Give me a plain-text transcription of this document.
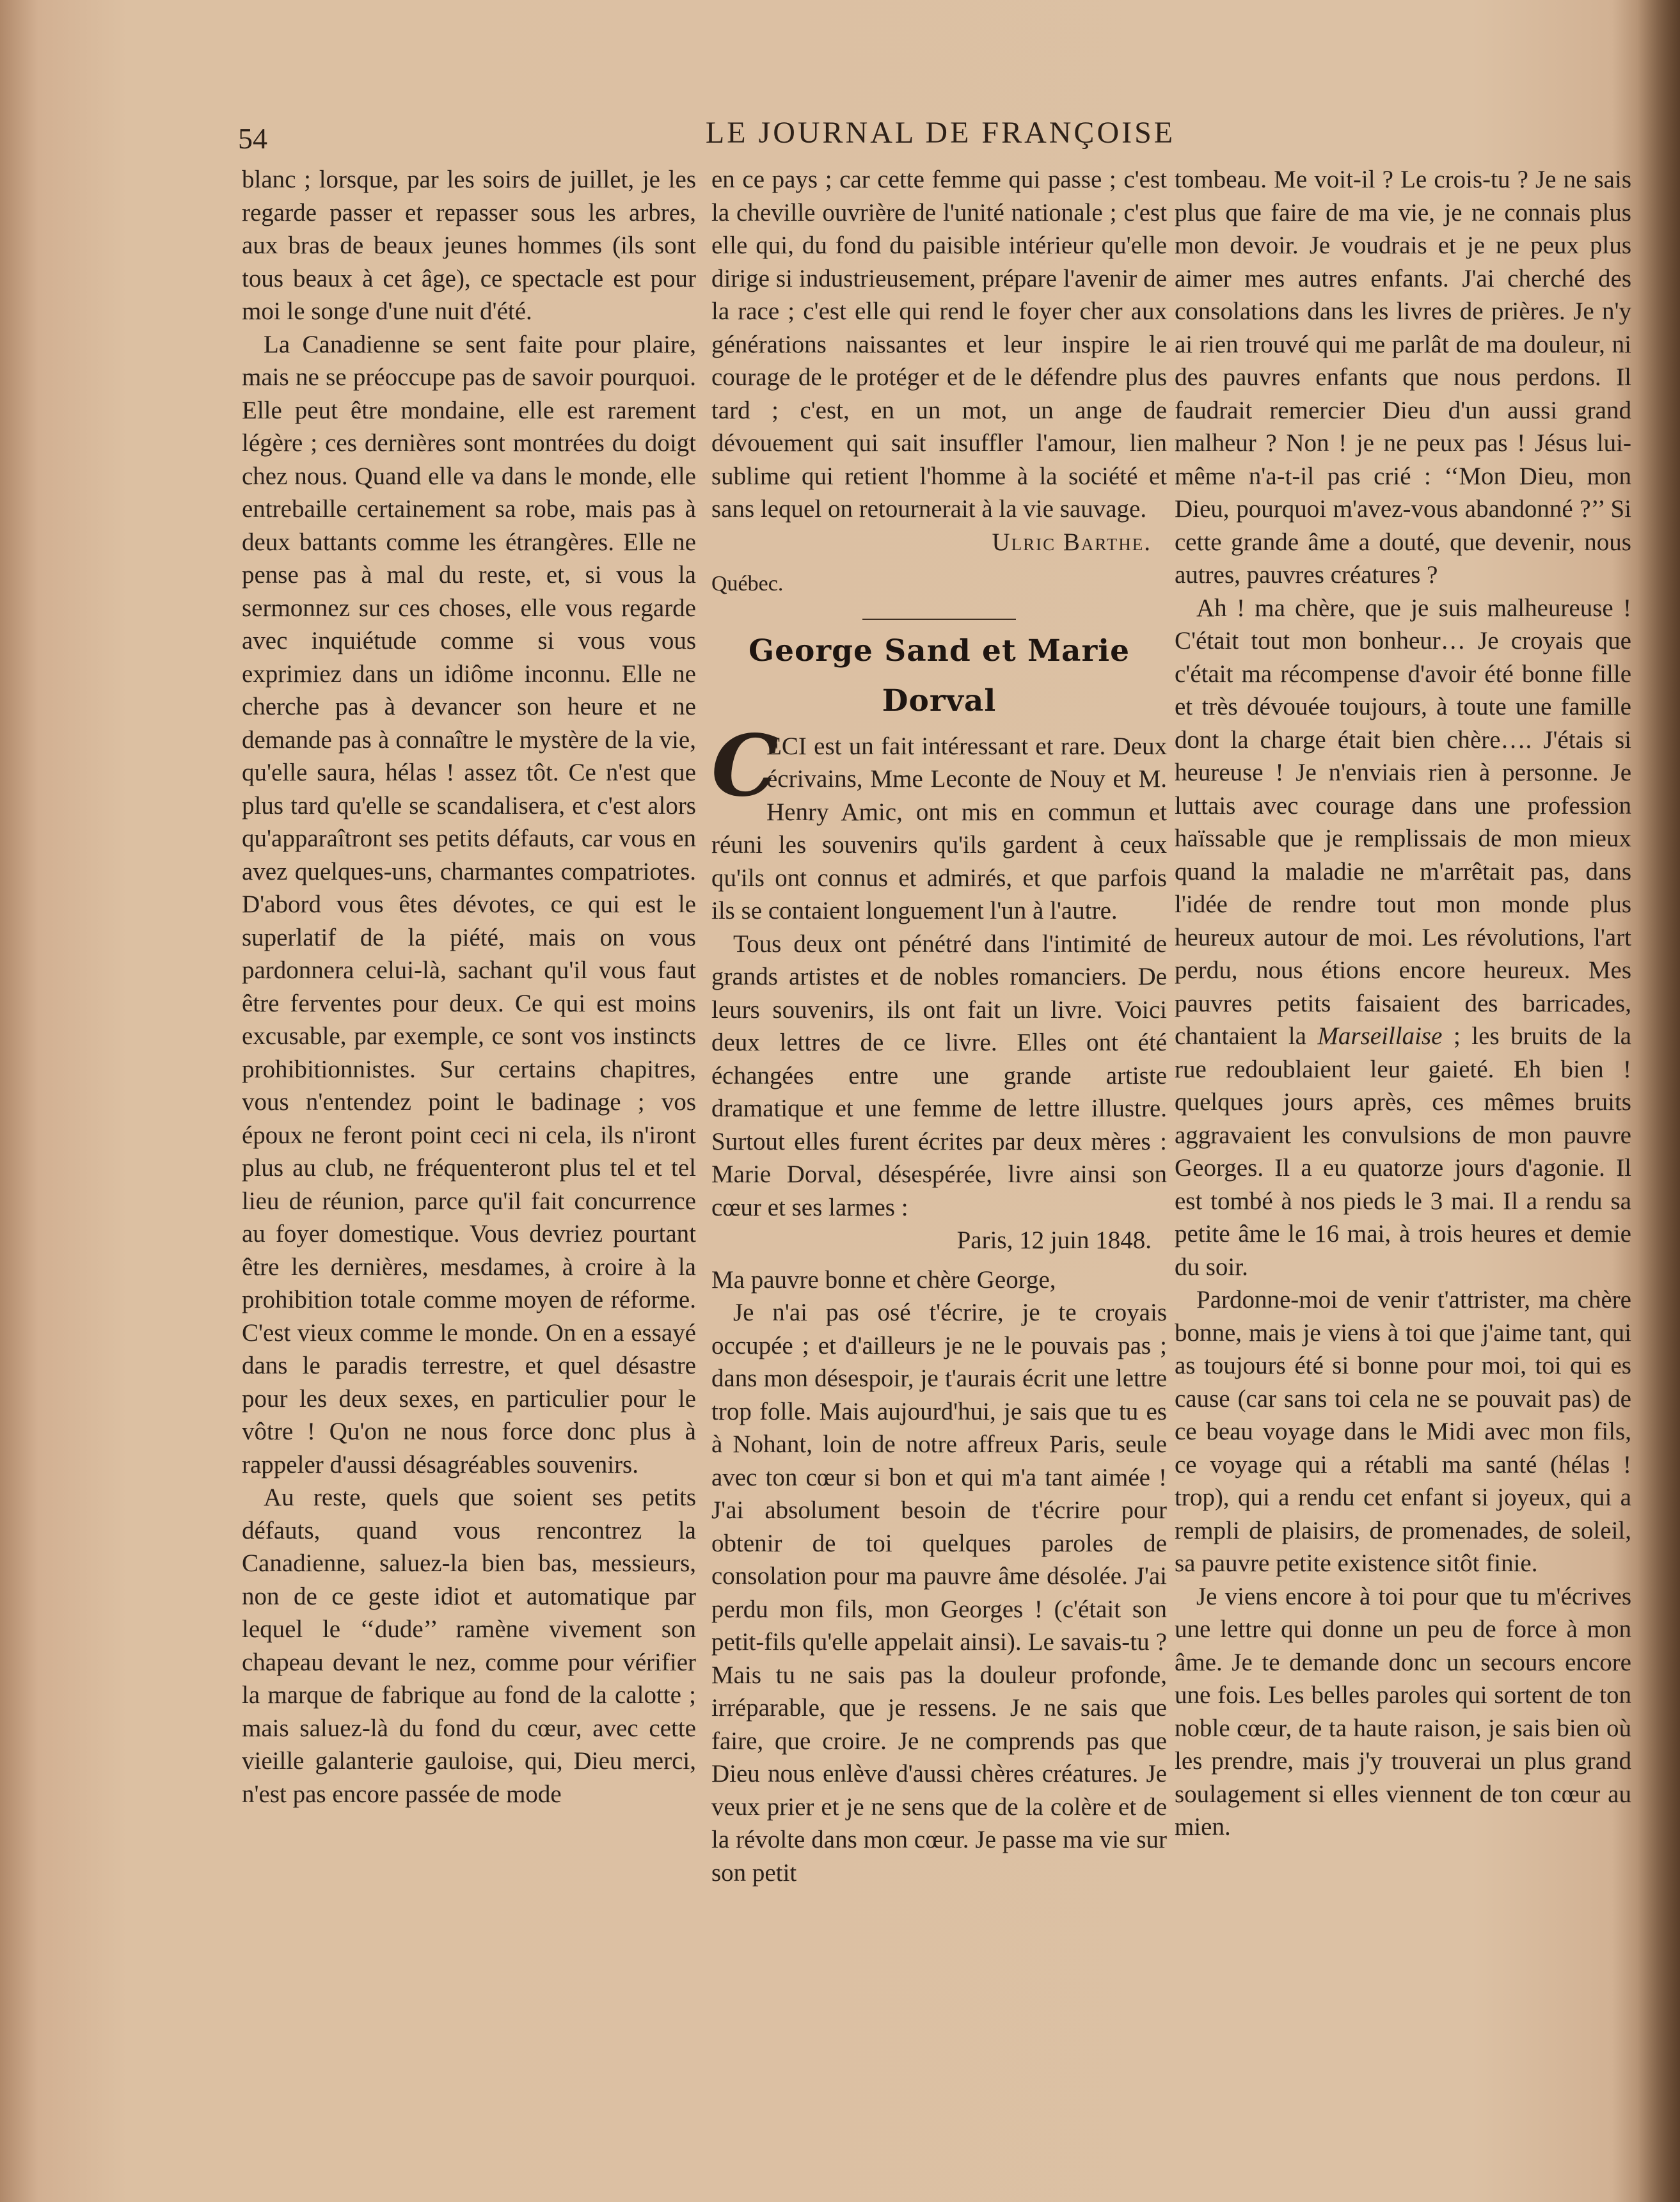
54	LE JOURNAL DE FRANÇOISE

blanc ; lorsque, par les soirs de juillet, je les regarde passer et repasser sous les arbres, aux bras de beaux jeunes hommes (ils sont tous beaux à cet âge), ce spectacle est pour moi le songe d'une nuit d'été.

La Canadienne se sent faite pour plaire, mais ne se préoccupe pas de savoir pourquoi. Elle peut être mondaine, elle est rarement légère ; ces dernières sont montrées du doigt chez nous. Quand elle va dans le monde, elle entrebaille certainement sa robe, mais pas à deux battants comme les étrangères. Elle ne pense pas à mal du reste, et, si vous la sermonnez sur ces choses, elle vous regarde avec inquiétude comme si vous vous exprimiez dans un idiôme inconnu. Elle ne cherche pas à devancer son heure et ne demande pas à connaître le mystère de la vie, qu'elle saura, hélas ! assez tôt. Ce n'est que plus tard qu'elle se scandalisera, et c'est alors qu'apparaîtront ses petits défauts, car vous en avez quelques-uns, charmantes compatriotes. D'abord vous êtes dévotes, ce qui est le superlatif de la piété, mais on vous pardonnera celui-là, sachant qu'il vous faut être ferventes pour deux. Ce qui est moins excusable, par exemple, ce sont vos instincts prohibitionnistes. Sur certains chapitres, vous n'entendez point le badinage ; vos époux ne feront point ceci ni cela, ils n'iront plus au club, ne fréquenteront plus tel et tel lieu de réunion, parce qu'il fait concurrence au foyer domestique. Vous devriez pourtant être les dernières, mesdames, à croire à la prohibition totale comme moyen de réforme. C'est vieux comme le monde. On en a essayé dans le paradis terrestre, et quel désastre pour les deux sexes, en particulier pour le vôtre ! Qu'on ne nous force donc plus à rappeler d'aussi désagréables souvenirs.

Au reste, quels que soient ses petits défauts, quand vous rencontrez la Canadienne, saluez-la bien bas, messieurs, non de ce geste idiot et automatique par lequel le ‘‘dude’’ ramène vivement son chapeau devant le nez, comme pour vérifier la marque de fabrique au fond de la calotte ; mais saluez-là du fond du cœur, avec cette vieille galanterie gauloise, qui, Dieu merci, n'est pas encore passée de mode

en ce pays ; car cette femme qui passe ; c'est la cheville ouvrière de l'unité nationale ; c'est elle qui, du fond du paisible intérieur qu'elle dirige si industrieusement, prépare l'avenir de la race ; c'est elle qui rend le foyer cher aux générations naissantes et leur inspire le courage de le protéger et de le défendre plus tard ; c'est, en un mot, un ange de dévouement qui sait insuffler l'amour, lien sublime qui retient l'homme à la société et sans lequel on retournerait à la vie sauvage.

Ulric Barthe.

Québec.

George Sand et Marie Dorval

C

ECI est un fait intéressant et rare. Deux écrivains, Mme Leconte de Nouy et M. Henry Amic, ont mis en commun et réuni les souvenirs qu'ils gardent à ceux qu'ils ont connus et admirés, et que parfois ils se contaient longuement l'un à l'autre.

Tous deux ont pénétré dans l'intimité de grands artistes et de nobles romanciers. De leurs souvenirs, ils ont fait un livre. Voici deux lettres de ce livre. Elles ont été échangées entre une grande artiste dramatique et une femme de lettre illustre. Surtout elles furent écrites par deux mères : Marie Dorval, désespérée, livre ainsi son cœur et ses larmes :

Paris, 12 juin 1848.

Ma pauvre bonne et chère George,

Je n'ai pas osé t'écrire, je te croyais occupée ; et d'ailleurs je ne le pouvais pas ; dans mon désespoir, je t'aurais écrit une lettre trop folle. Mais aujourd'hui, je sais que tu es à Nohant, loin de notre affreux Paris, seule avec ton cœur si bon et qui m'a tant aimée ! J'ai absolument besoin de t'écrire pour obtenir de toi quelques paroles de consolation pour ma pauvre âme désolée. J'ai perdu mon fils, mon Georges ! (c'était son petit-fils qu'elle appelait ainsi). Le savais-tu ? Mais tu ne sais pas la douleur profonde, irréparable, que je ressens. Je ne sais que faire, que croire. Je ne comprends pas que Dieu nous enlève d'aussi chères créatures. Je veux prier et je ne sens que de la colère et de la révolte dans mon cœur. Je passe ma vie sur son petit

tombeau. Me voit-il ? Le crois-tu ? Je ne sais plus que faire de ma vie, je ne connais plus mon devoir. Je voudrais et je ne peux plus aimer mes autres enfants. J'ai cherché des consolations dans les livres de prières. Je n'y ai rien trouvé qui me parlât de ma douleur, ni des pauvres enfants que nous perdons. Il faudrait remercier Dieu d'un aussi grand malheur ? Non ! je ne peux pas ! Jésus lui-même n'a-t-il pas crié : ‘‘Mon Dieu, mon Dieu, pourquoi m'avez-vous abandonné ?’’ Si cette grande âme a douté, que devenir, nous autres, pauvres créatures ?

Ah ! ma chère, que je suis malheureuse ! C'était tout mon bonheur… Je croyais que c'était ma récompense d'avoir été bonne fille et très dévouée toujours, à toute une famille dont la charge était bien chère…. J'étais si heureuse ! Je n'enviais rien à personne. Je luttais avec courage dans une profession haïssable que je remplissais de mon mieux quand la maladie ne m'arrêtait pas, dans l'idée de rendre tout mon monde plus heureux autour de moi. Les révolutions, l'art perdu, nous étions encore heureux. Mes pauvres petits faisaient des barricades, chantaient la Marseillaise ; les bruits de la rue redoublaient leur gaieté. Eh bien ! quelques jours après, ces mêmes bruits aggravaient les convulsions de mon pauvre Georges. Il a eu quatorze jours d'agonie. Il est tombé à nos pieds le 3 mai. Il a rendu sa petite âme le 16 mai, à trois heures et demie du soir.

Pardonne-moi de venir t'attrister, ma chère bonne, mais je viens à toi que j'aime tant, qui as toujours été si bonne pour moi, toi qui es cause (car sans toi cela ne se pouvait pas) de ce beau voyage dans le Midi avec mon fils, ce voyage qui a rétabli ma santé (hélas ! trop), qui a rendu cet enfant si joyeux, qui a rempli de plaisirs, de promenades, de soleil, sa pauvre petite existence sitôt finie.

Je viens encore à toi pour que tu m'écrives une lettre qui donne un peu de force à mon âme. Je te demande donc un secours encore une fois. Les belles paroles qui sortent de ton noble cœur, de ta haute raison, je sais bien où les prendre, mais j'y trouverai un plus grand soulagement si elles viennent de ton cœur au mien.
